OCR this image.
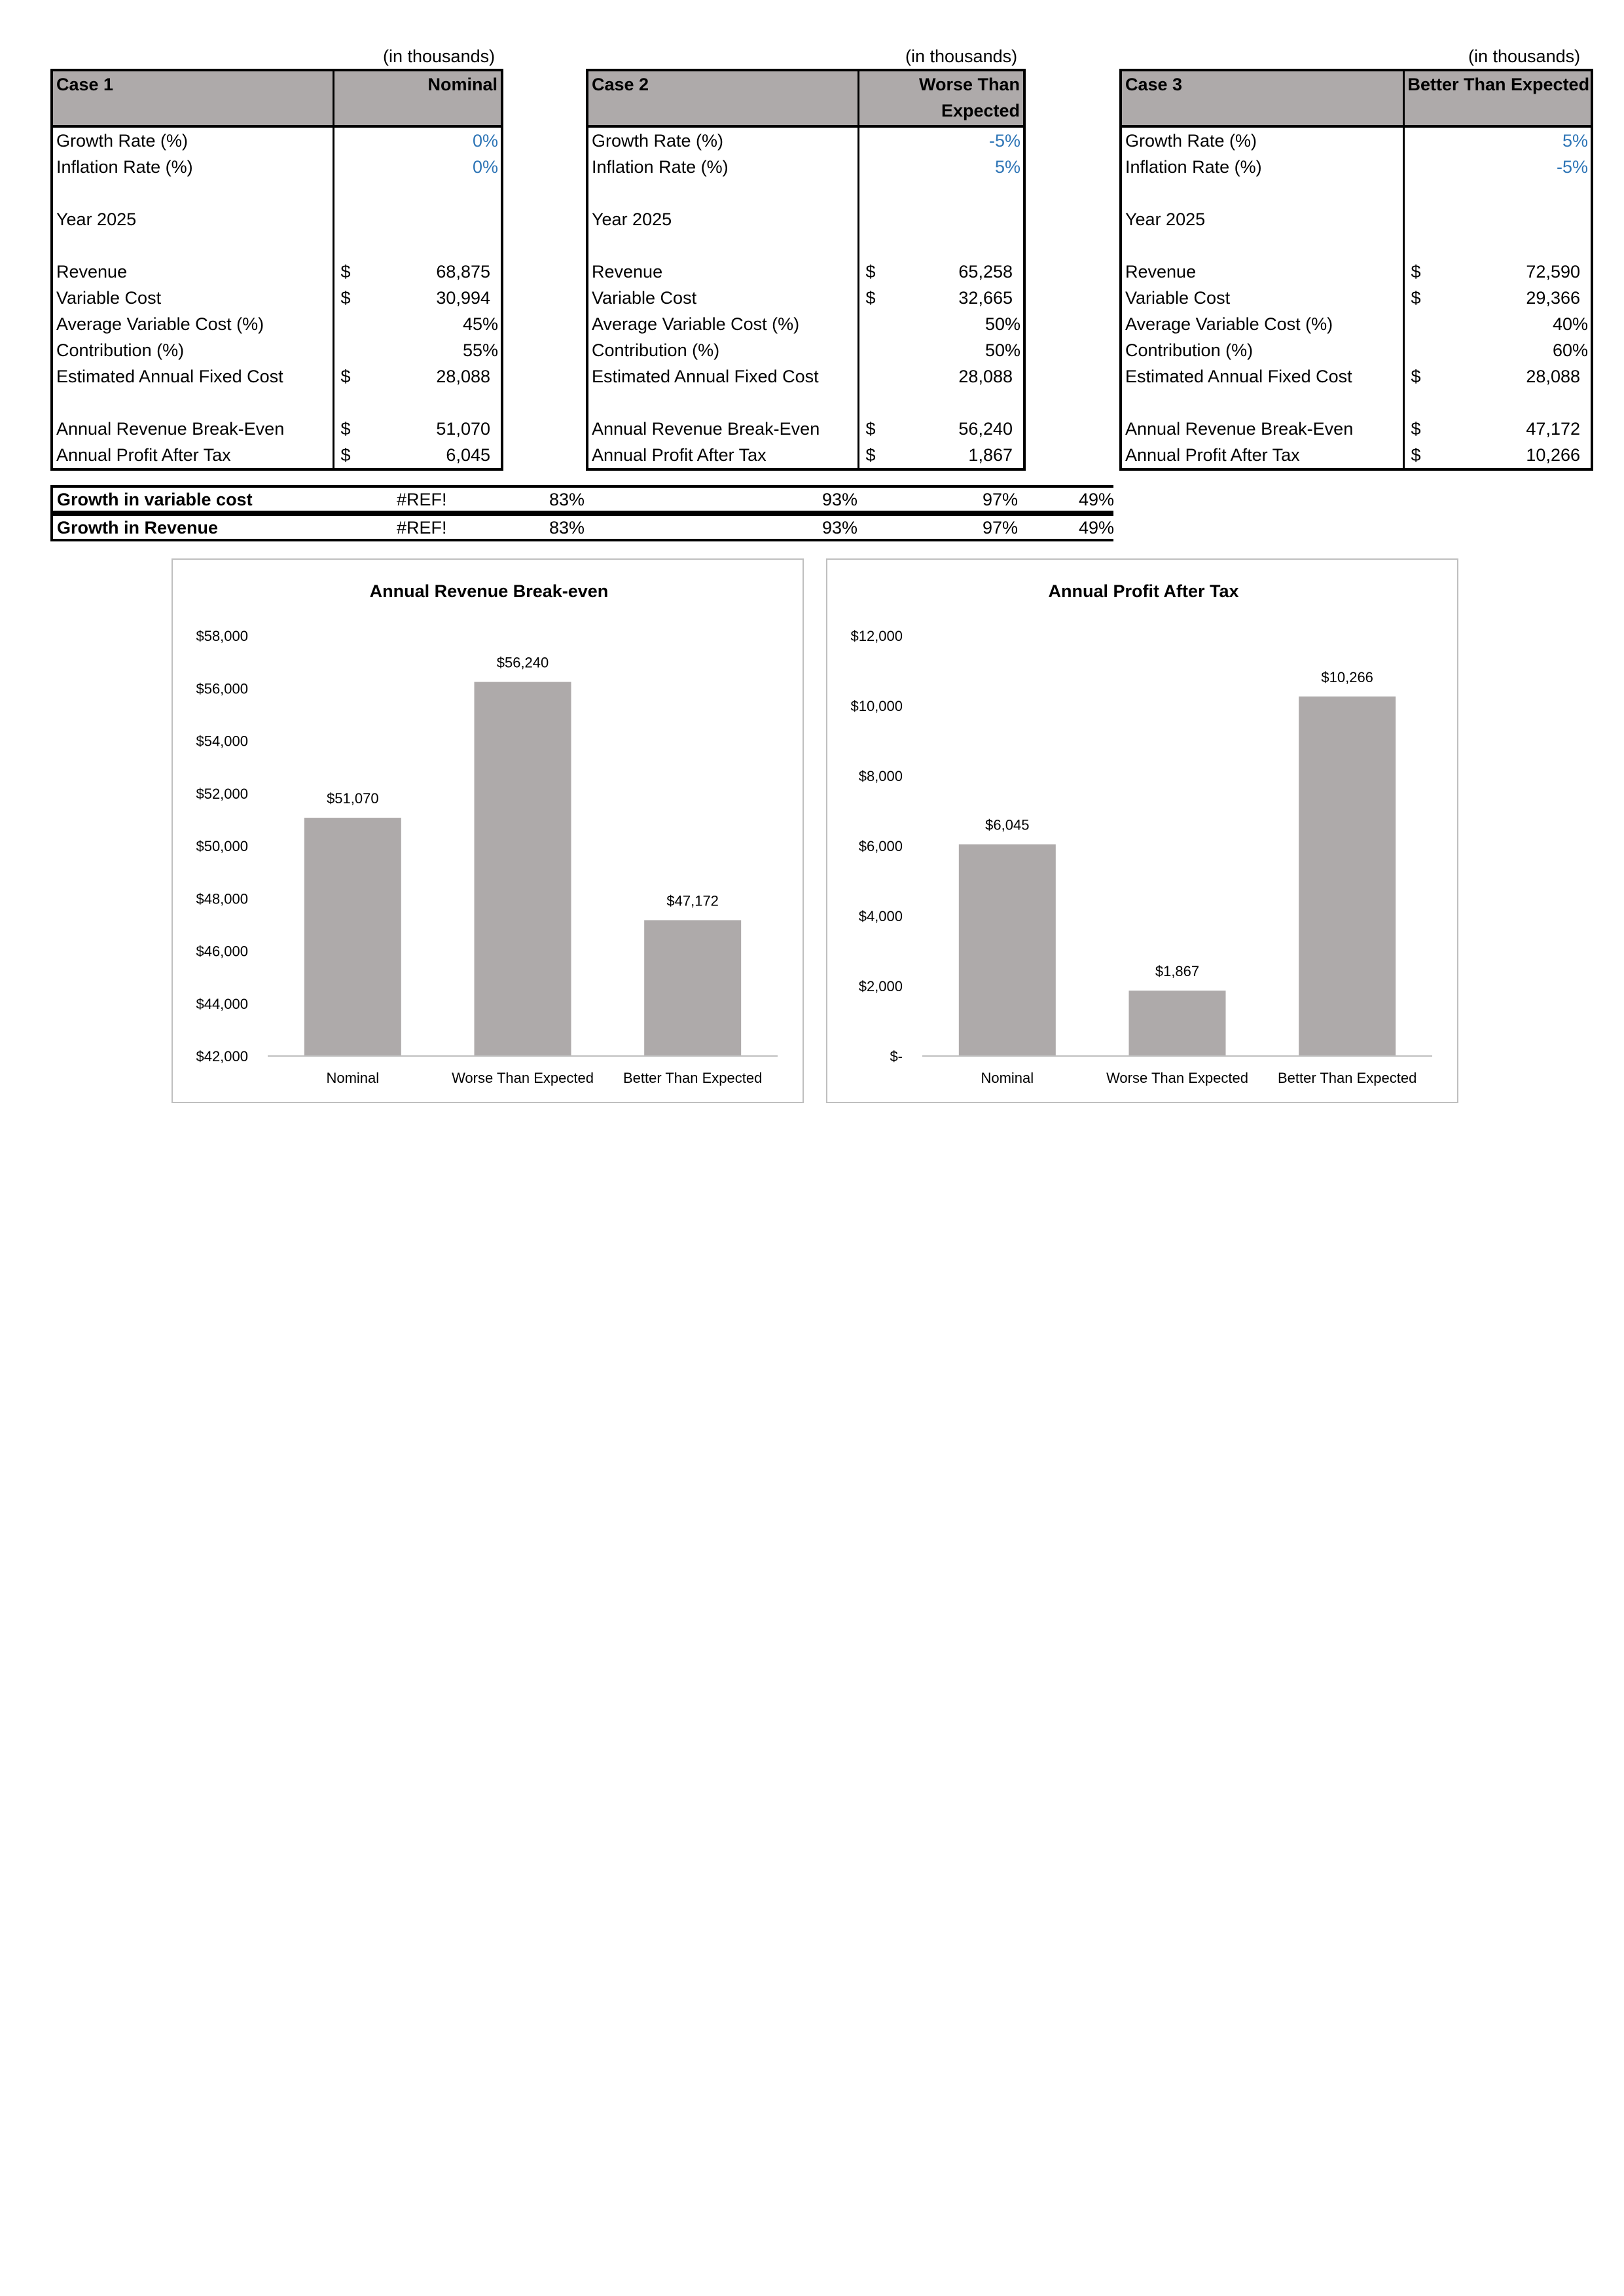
(in thousands)
Case 1	Nominal
Growth Rate (%)	0%

Inflation Rate (%)	0%

Year 2025	

Revenue	$ 68,875

Variable Cost	$ 30,994

Average Variable Cost (%)	45%

Contribution (%)	55%

Estimated Annual Fixed Cost	$ 28,088

Annual Revenue Break-Even	$ 51,070

Annual Profit After Tax	$ 6,045
(in thousands)
Case 2	Worse Than
Expected

Growth Rate (%)	-5%

Inflation Rate (%)	5%

Year 2025	

Revenue	$ 65,258

Variable Cost	$ 32,665

Average Variable Cost (%)	50%

Contribution (%)	50%

Estimated Annual Fixed Cost	28,088

Annual Revenue Break-Even	$ 56,240

Annual Profit After Tax	$ 1,867
(in thousands)
Case 3	Better Than Expected
Growth Rate (%)	5%

Inflation Rate (%)	-5%

Year 2025	

Revenue	$ 72,590

Variable Cost	$ 29,366

Average Variable Cost (%)	40%

Contribution (%)	60%

Estimated Annual Fixed Cost	$ 28,088

Annual Revenue Break-Even	$ 47,172

Annual Profit After Tax	$ 10,266
Growth in variable cost	#REF!	83%	93%	97%	49%
Growth in Revenue	#REF!	83%	93%	97%	49%
Annual Revenue Break-even
$42,000
$44,000
$46,000
$48,000
$50,000
$52,000
$54,000
$56,000
$58,000
$51,070
Nominal
$56,240
Worse Than Expected
$47,172
Better Than Expected
Annual Profit After Tax
$-
$2,000
$4,000
$6,000
$8,000
$10,000
$12,000
$6,045
Nominal
$1,867
Worse Than Expected
$10,266
Better Than Expected
